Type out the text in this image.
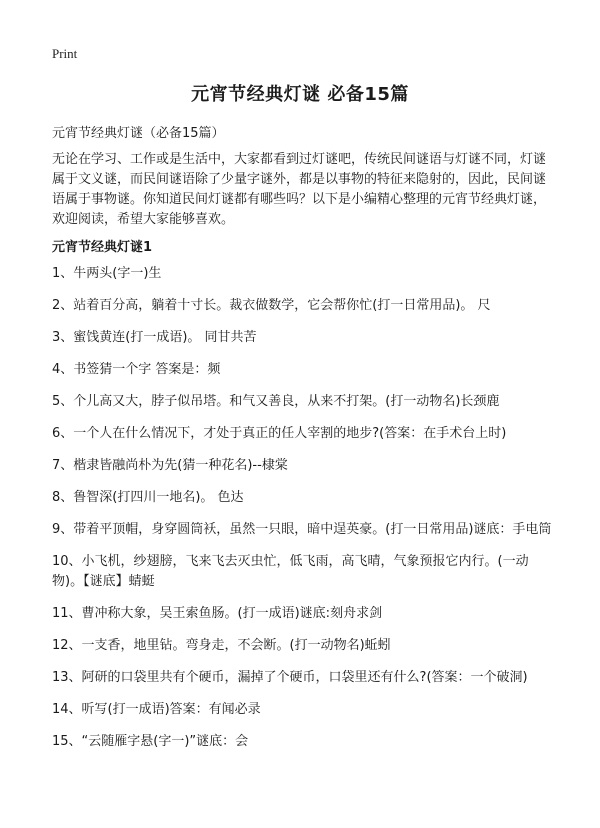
Print
元宵节经典灯谜 必备15篇
元宵节经典灯谜（必备15篇）
无论在学习、工作或是生活中，大家都看到过灯谜吧，传统民间谜语与灯谜不同，灯谜属于文义谜，而民间谜语除了少量字谜外，都是以事物的特征来隐射的，因此，民间谜语属于事物谜。你知道民间灯谜都有哪些吗？以下是小编精心整理的元宵节经典灯谜，欢迎阅读，希望大家能够喜欢。
元宵节经典灯谜1
1、牛两头(字一)生
2、站着百分高，躺着十寸长。裁衣做数学，它会帮你忙(打一日常用品)。 尺
3、蜜饯黄连(打一成语)。 同甘共苦
4、书签猜一个字 答案是：频
5、个儿高又大，脖子似吊塔。和气又善良，从来不打架。(打一动物名)长颈鹿
6、一个人在什么情况下，才处于真正的任人宰割的地步?(答案：在手术台上时)
7、楷隶皆融尚朴为先(猜一种花名)--棣棠
8、鲁智深(打四川一地名)。 色达
9、带着平顶帽，身穿圆筒袄，虽然一只眼，暗中逞英豪。(打一日常用品)谜底：手电筒
10、小飞机，纱翅膀，飞来飞去灭虫忙，低飞雨，高飞晴，气象预报它内行。(一动物)。【谜底】蜻蜓
11、曹冲称大象，吴王索鱼肠。(打一成语)谜底:刻舟求剑
12、一支香，地里钻。弯身走，不会断。(打一动物名)蚯蚓
13、阿研的口袋里共有个硬币，漏掉了个硬币，口袋里还有什么?(答案：一个破洞)
14、听写(打一成语)答案：有闻必录
15、“云随雁字悬(字一)”谜底：会
